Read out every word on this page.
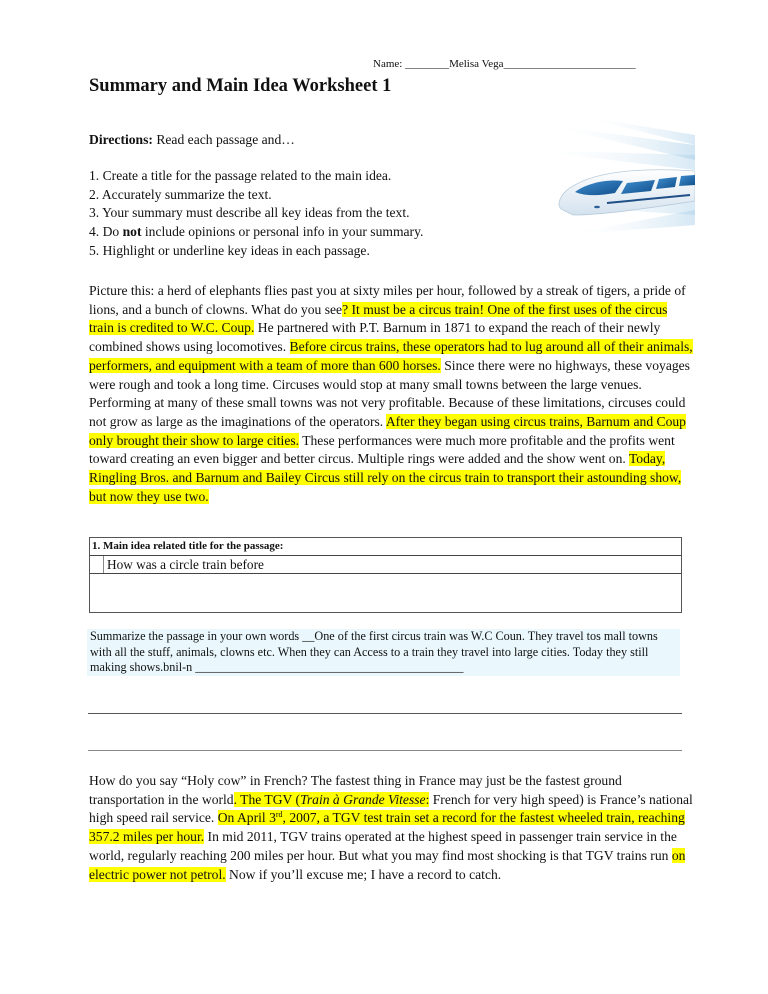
Name: ________Melisa Vega________________________
Summary and Main Idea Worksheet 1
Directions: Read each passage and…
1. Create a title for the passage related to the main idea.
2. Accurately summarize the text.
3. Your summary must describe all key ideas from the text.
4. Do not include opinions or personal info in your summary.
5. Highlight or underline key ideas in each passage.

Picture this: a herd of elephants flies past you at sixty miles per hour, followed by a streak of tigers, a pride of lions, and a bunch of clowns. What do you see? It must be a circus train! One of the first uses of the circus train is credited to W.C. Coup. He partnered with P.T. Barnum in 1871 to expand the reach of their newly combined shows using locomotives. Before circus trains, these operators had to lug around all of their animals, performers, and equipment with a team of more than 600 horses. Since there were no highways, these voyages were rough and took a long time. Circuses would stop at many small towns between the large venues. Performing at many of these small towns was not very profitable. Because of these limitations, circuses could not grow as large as the imaginations of the operators. After they began using circus trains, Barnum and Coup only brought their show to large cities. These performances were much more profitable and the profits went toward creating an even bigger and better circus. Multiple rings were added and the show went on. Today, Ringling Bros. and Barnum and Bailey Circus still rely on the circus train to transport their astounding show, but now they use two.

1. Main idea related title for the passage:
How was a circle train before
Summarize the passage in your own words __One of the first circus train was W.C Coun. They travel tos mall towns with all the stuff, animals, clowns etc. When they can Access to a train they travel into large cities. Today they still making shows.bnil-n ____________________________________________

How do you say “Holy cow” in French? The fastest thing in France may just be the fastest ground transportation in the world. The TGV (Train à Grande Vitesse: French for very high speed) is France’s national high speed rail service. On April 3rd, 2007, a TGV test train set a record for the fastest wheeled train, reaching 357.2 miles per hour. In mid 2011, TGV trains operated at the highest speed in passenger train service in the world, regularly reaching 200 miles per hour. But what you may find most shocking is that TGV trains run on electric power not petrol. Now if you’ll excuse me; I have a record to catch.
